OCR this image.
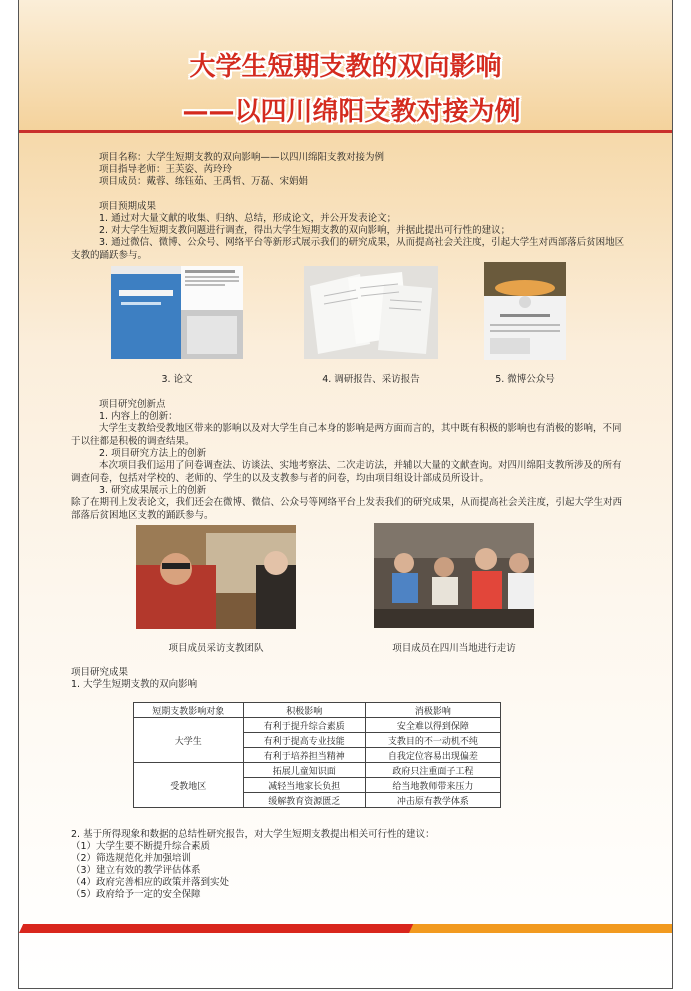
大学生短期支教的双向影响
——以四川绵阳支教对接为例
项目名称：大学生短期支教的双向影响——以四川绵阳支教对接为例
项目指导老师：王芙姿、芮玲玲
项目成员：戴蓉、练钰茹、王禹哲、万磊、宋娟娟
项目预期成果
1. 通过对大量文献的收集、归纳、总结，形成论文，并公开发表论文；
2. 对大学生短期支教问题进行调查，得出大学生短期支教的双向影响，并据此提出可行性的建议；
3. 通过微信、微博、公众号、网络平台等新形式展示我们的研究成果，从而提高社会关注度，引起大学生对西部落后贫困地区支教的踊跃参与。
3. 论文	4. 调研报告、采访报告	5. 微博公众号
项目研究创新点
1. 内容上的创新：
大学生支教给受教地区带来的影响以及对大学生自己本身的影响是两方面而言的，其中既有积极的影响也有消极的影响，不同于以往都是积极的调查结果。
2. 项目研究方法上的创新
本次项目我们运用了问卷调查法、访谈法、实地考察法、二次走访法，并辅以大量的文献查询。对四川绵阳支教所涉及的所有调查问卷，包括对学校的、老师的、学生的以及支教参与者的问卷，均由项目组设计部成员所设计。
3. 研究成果展示上的创新
除了在期刊上发表论文，我们还会在微博、微信、公众号等网络平台上发表我们的研究成果，从而提高社会关注度，引起大学生对西部落后贫困地区支教的踊跃参与。
项目成员采访支教团队	项目成员在四川当地进行走访
项目研究成果
1. 大学生短期支教的双向影响
短期支教影响对象	积极影响	消极影响
大学生	有利于提升综合素质	安全难以得到保障
	有利于提高专业技能	支教目的不一动机不纯
	有利于培养担当精神	自我定位容易出现偏差
受教地区	拓展儿童知识面	政府只注重面子工程
	减轻当地家长负担	给当地教师带来压力
	缓解教育资源匮乏	冲击原有教学体系
2. 基于所得现象和数据的总结性研究报告，对大学生短期支教提出相关可行性的建议：
（1）大学生要不断提升综合素质
（2）筛选规范化并加强培训
（3）建立有效的教学评估体系
（4）政府完善相应的政策并落到实处
（5）政府给予一定的安全保障
